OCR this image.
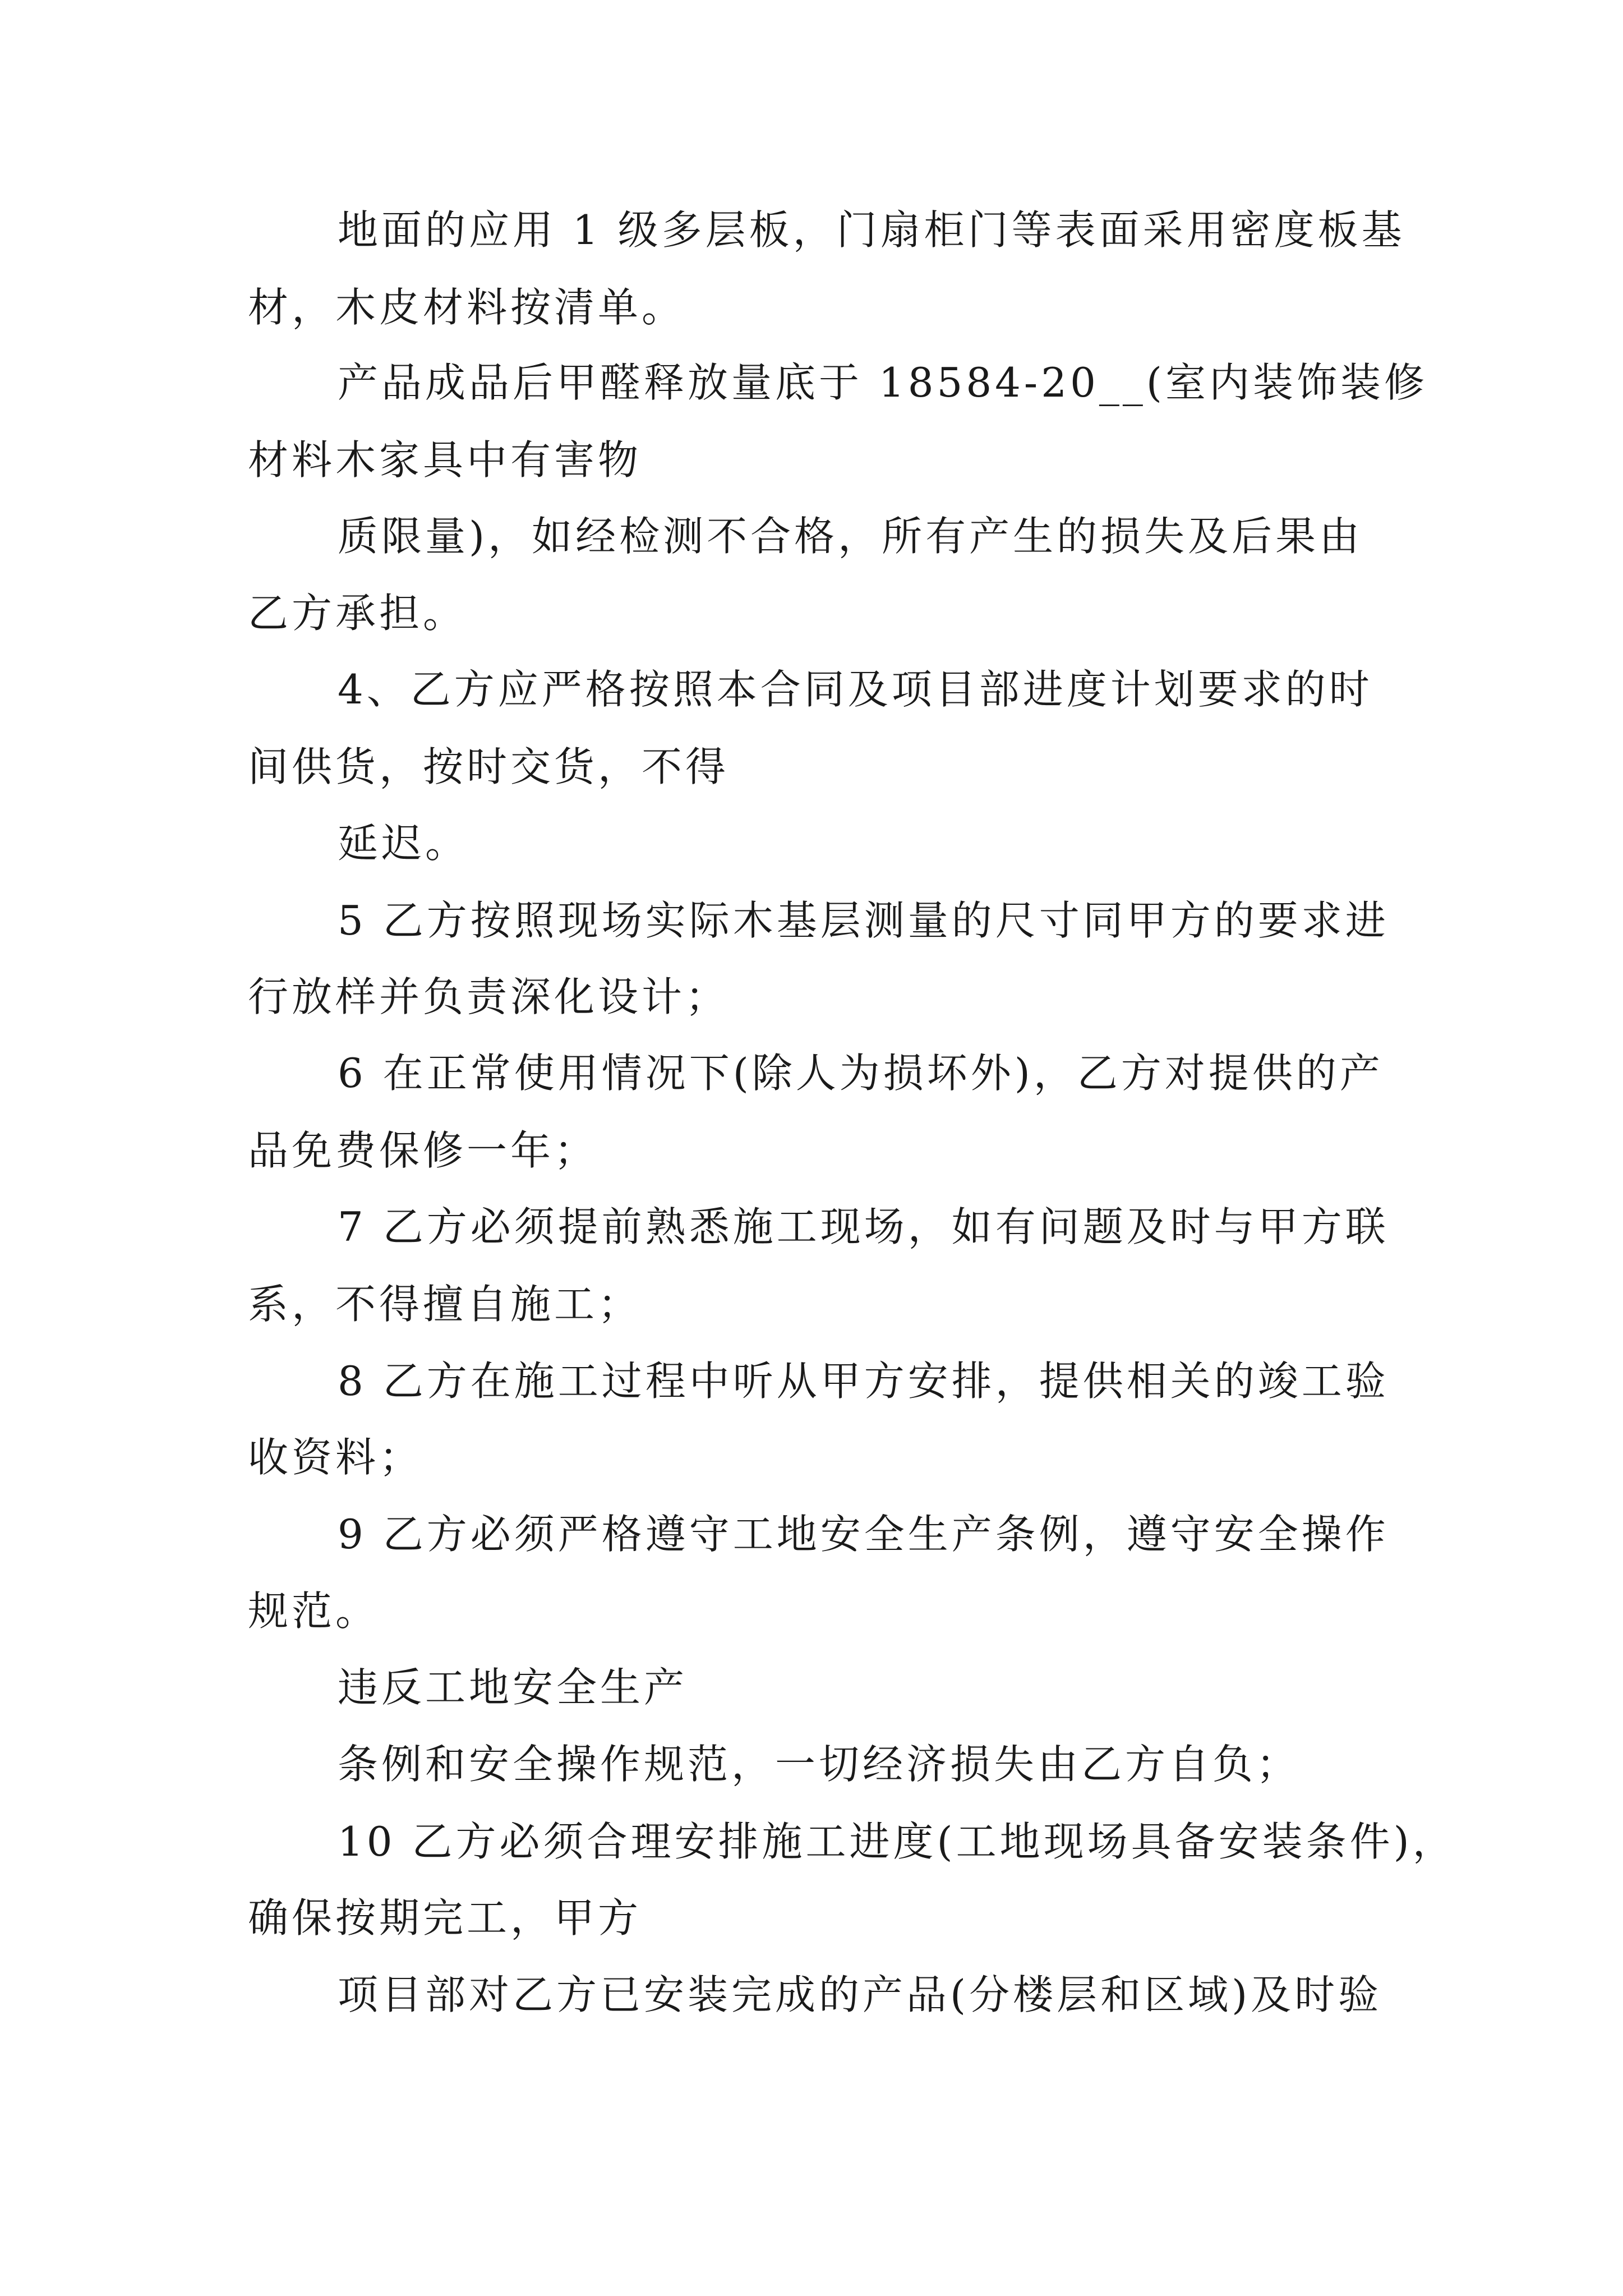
地面的应用 1 级多层板，门扇柜门等表面采用密度板基
材，木皮材料按清单。
产品成品后甲醛释放量底于 18584-20__(室内装饰装修
材料木家具中有害物
质限量)，如经检测不合格，所有产生的损失及后果由
乙方承担。
4、乙方应严格按照本合同及项目部进度计划要求的时
间供货，按时交货，不得
延迟。
5 乙方按照现场实际木基层测量的尺寸同甲方的要求进
行放样并负责深化设计；
6 在正常使用情况下(除人为损坏外)，乙方对提供的产
品免费保修一年；
7 乙方必须提前熟悉施工现场，如有问题及时与甲方联
系，不得擅自施工；
8 乙方在施工过程中听从甲方安排，提供相关的竣工验
收资料；
9 乙方必须严格遵守工地安全生产条例，遵守安全操作
规范。
违反工地安全生产
条例和安全操作规范，一切经济损失由乙方自负；
10 乙方必须合理安排施工进度(工地现场具备安装条件)，
确保按期完工，甲方
项目部对乙方已安装完成的产品(分楼层和区域)及时验
